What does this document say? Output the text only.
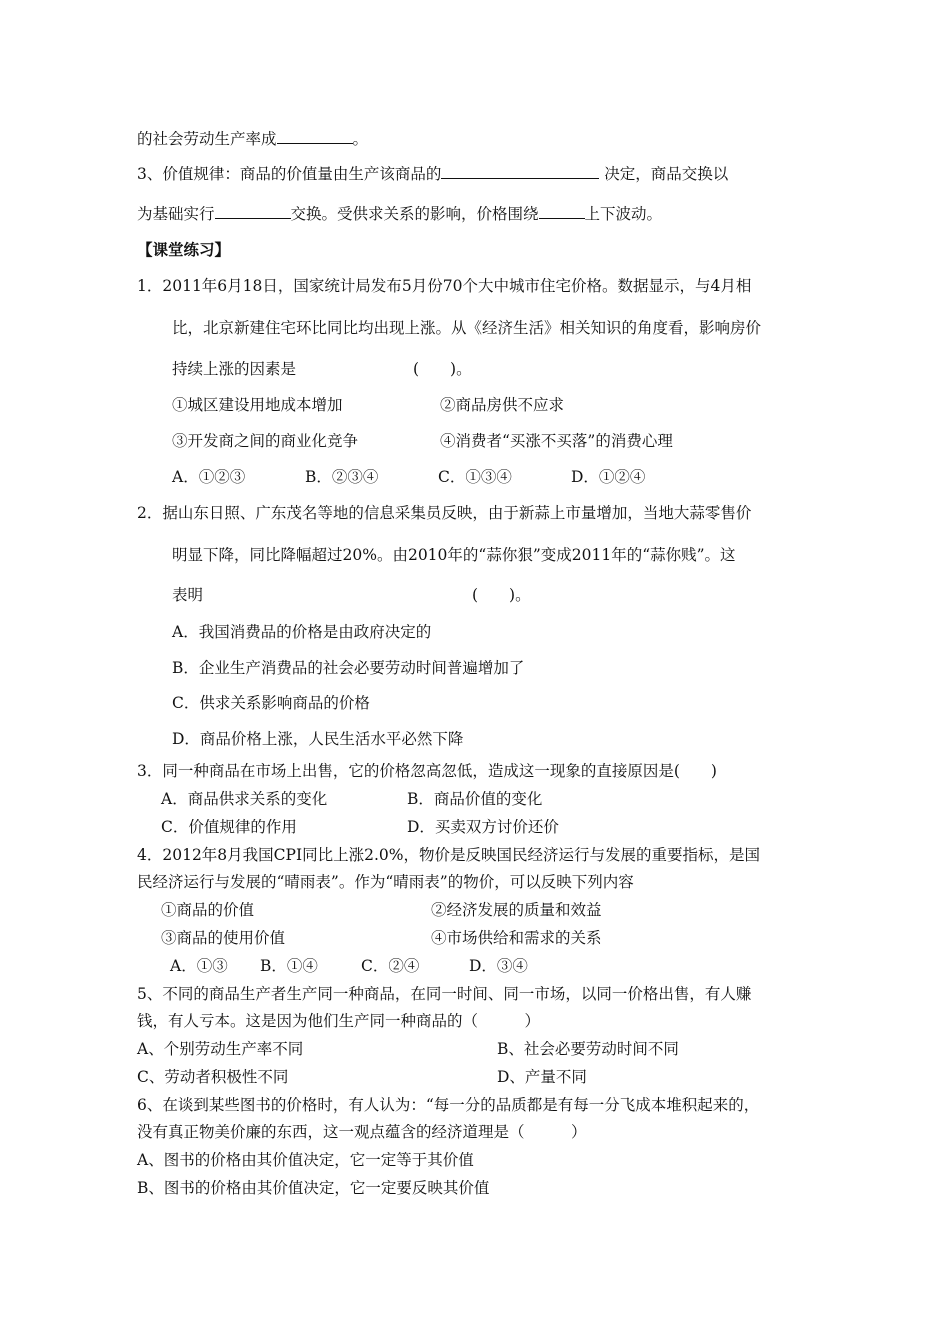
的社会劳动生产率成	。
3、价值规律：商品的价值量由生产该商品的	决定，商品交换以
为基础实行	交换。受供求关系的影响，价格围绕	上下波动。
【课堂练习】
1．2011年6月18日，国家统计局发布5月份70个大中城市住宅价格。数据显示，与4月相
比，北京新建住宅环比同比均出现上涨。从《经济生活》相关知识的角度看，影响房价
持续上涨的因素是	(　　)。
①城区建设用地成本增加	②商品房供不应求
③开发商之间的商业化竞争	④消费者“买涨不买落”的消费心理
A．①②③	B．②③④	C．①③④	D．①②④
2．据山东日照、广东茂名等地的信息采集员反映，由于新蒜上市量增加，当地大蒜零售价
明显下降，同比降幅超过20%。由2010年的“蒜你狠”变成2011年的“蒜你贱”。这
表明	(　　)。
A．我国消费品的价格是由政府决定的
B．企业生产消费品的社会必要劳动时间普遍增加了
C．供求关系影响商品的价格
D．商品价格上涨，人民生活水平必然下降
3．同一种商品在市场上出售，它的价格忽高忽低，造成这一现象的直接原因是(　　)
A．商品供求关系的变化	B．商品价值的变化
C．价值规律的作用	D．买卖双方讨价还价
4．2012年8月我国CPI同比上涨2.0%，物价是反映国民经济运行与发展的重要指标，是国
民经济运行与发展的“晴雨表”。作为“晴雨表”的物价，可以反映下列内容
①商品的价值	②经济发展的质量和效益
③商品的使用价值	④市场供给和需求的关系
A．①③ B．①④	C．②④	D．③④
5、不同的商品生产者生产同一种商品，在同一时间、同一市场，以同一价格出售，有人赚
钱，有人亏本。这是因为他们生产同一种商品的（　　　）
A、个别劳动生产率不同	B、社会必要劳动时间不同
C、劳动者积极性不同	D、产量不同
6、在谈到某些图书的价格时，有人认为：“每一分的品质都是有每一分飞成本堆积起来的，
没有真正物美价廉的东西，这一观点蕴含的经济道理是（　　　）
A、图书的价格由其价值决定，它一定等于其价值
B、图书的价格由其价值决定，它一定要反映其价值
